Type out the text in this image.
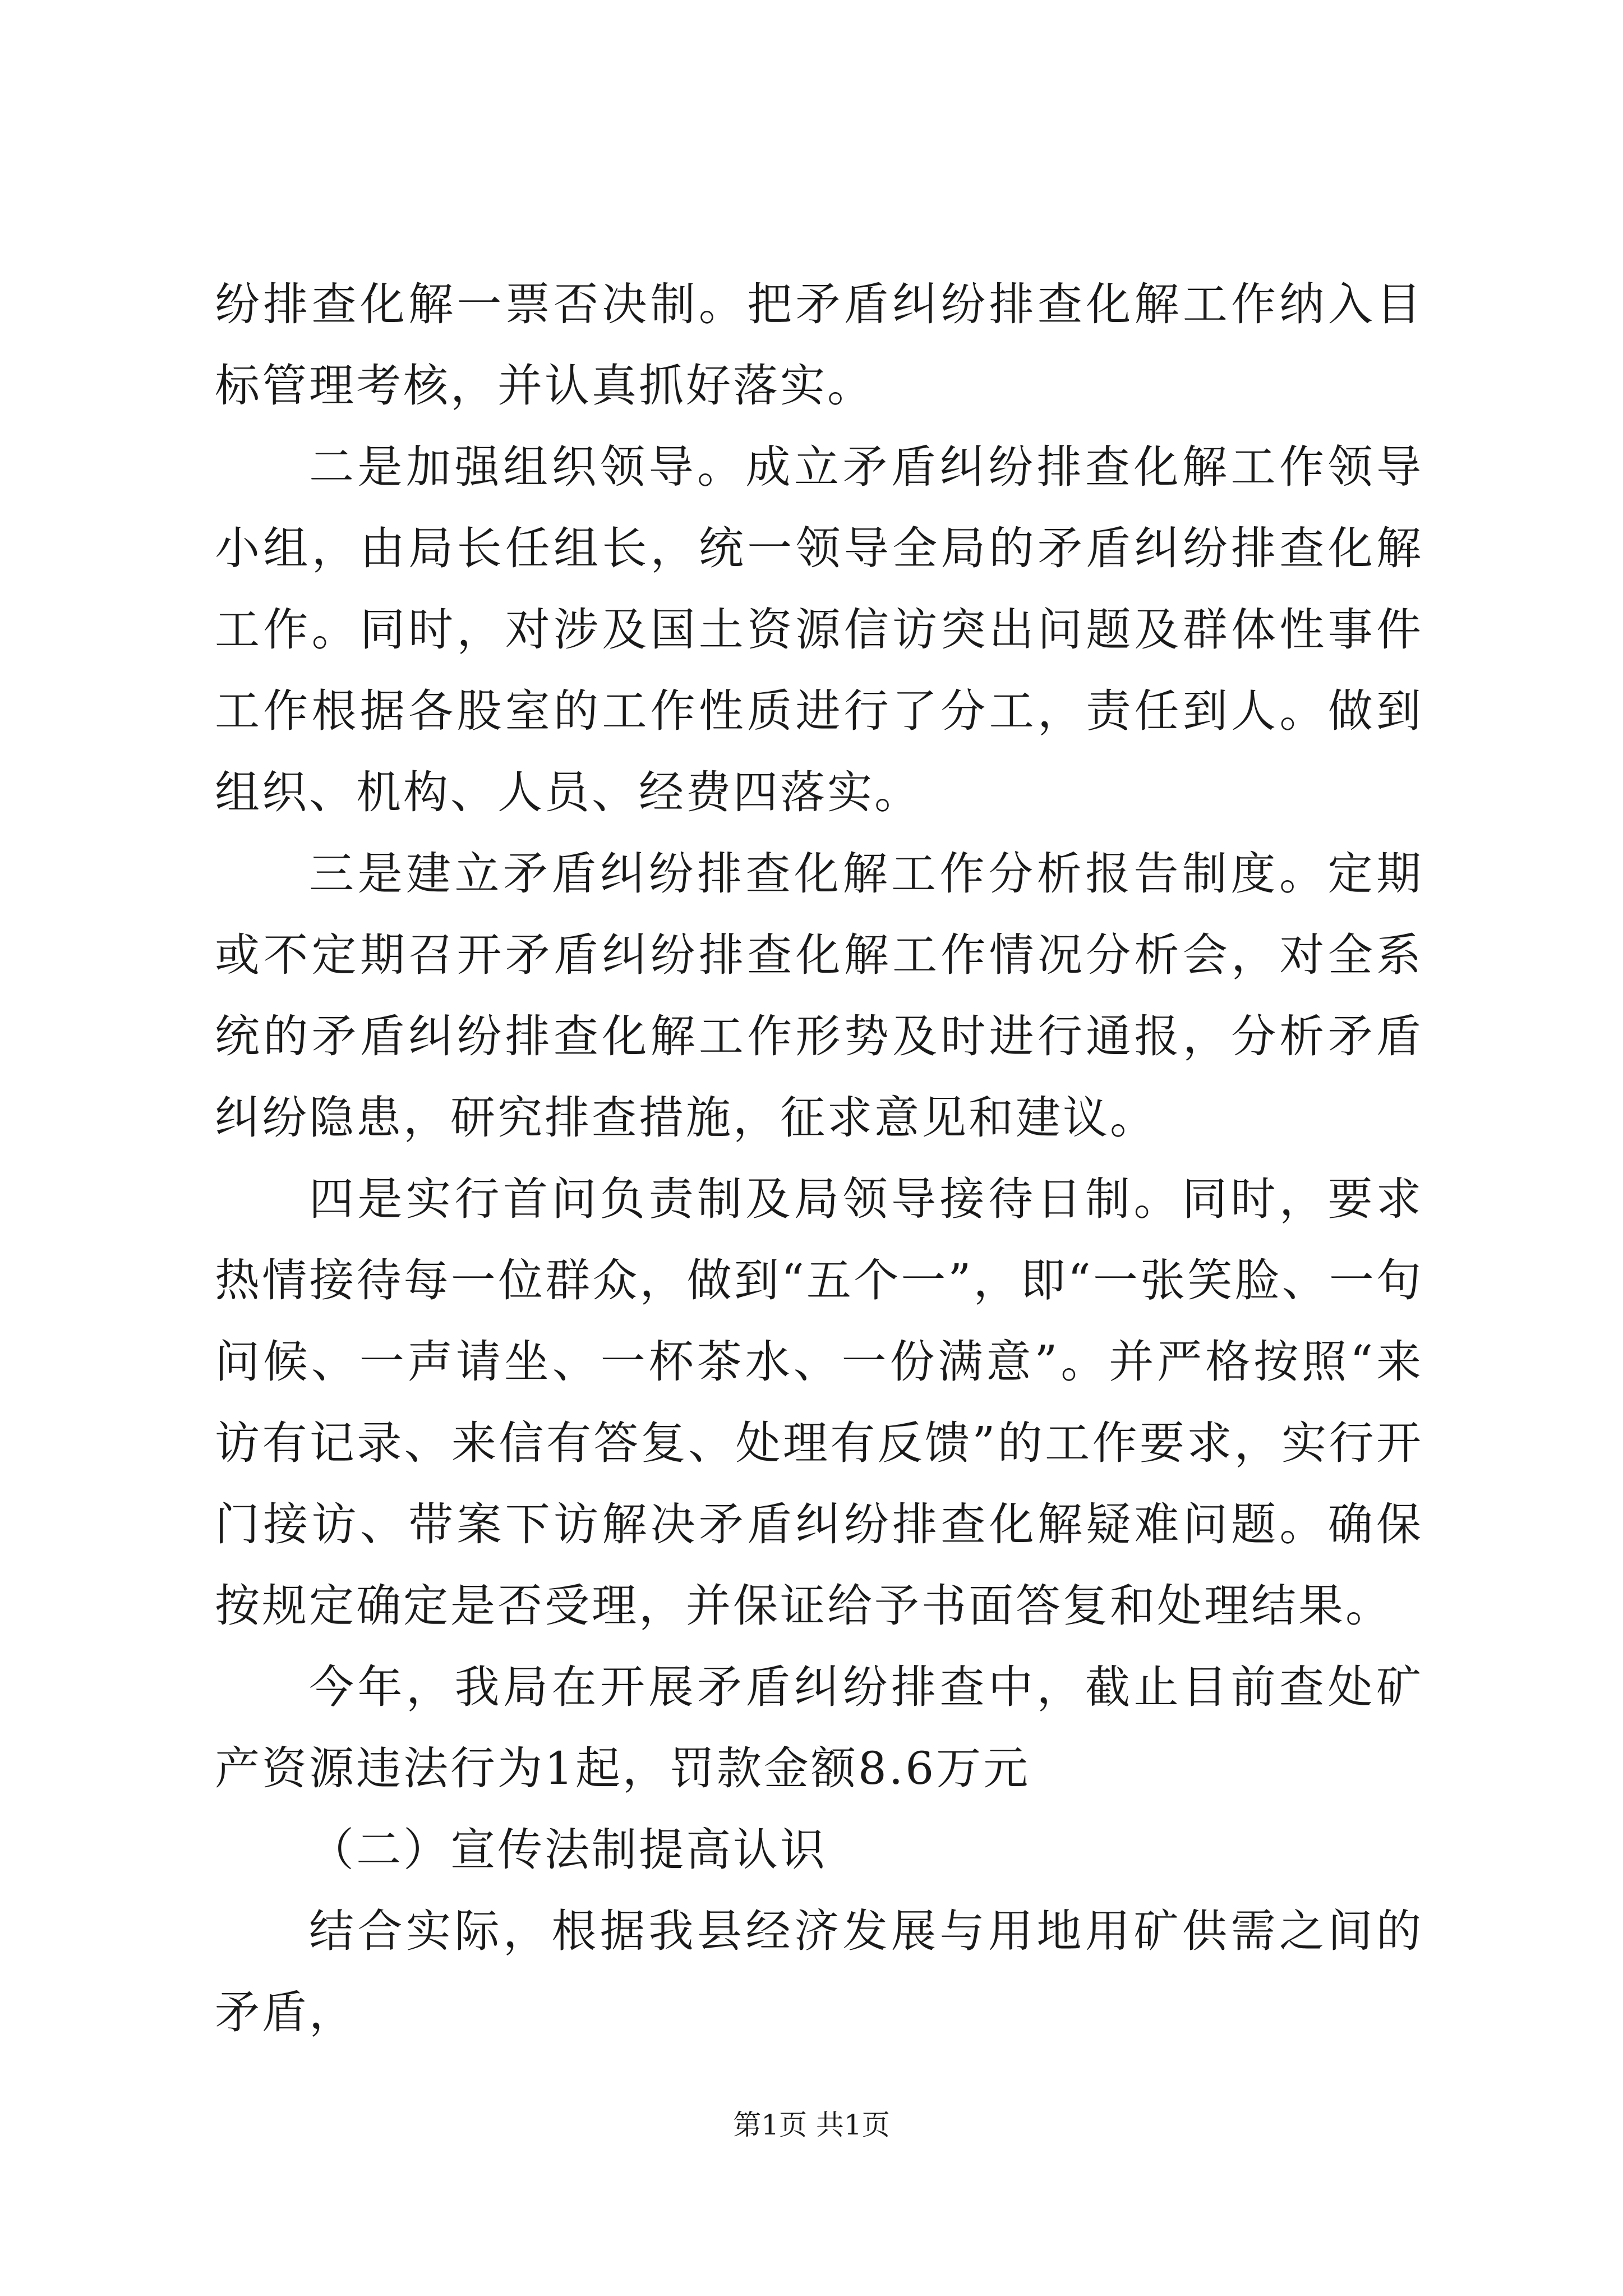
纷排查化解一票否决制。把矛盾纠纷排查化解工作纳入目标管理考核，并认真抓好落实。

二是加强组织领导。成立矛盾纠纷排查化解工作领导小组，由局长任组长，统一领导全局的矛盾纠纷排查化解工作。同时，对涉及国土资源信访突出问题及群体性事件工作根据各股室的工作性质进行了分工，责任到人。做到组织、机构、人员、经费四落实。

三是建立矛盾纠纷排查化解工作分析报告制度。定期或不定期召开矛盾纠纷排查化解工作情况分析会，对全系统的矛盾纠纷排查化解工作形势及时进行通报，分析矛盾纠纷隐患，研究排查措施，征求意见和建议。

四是实行首问负责制及局领导接待日制。同时，要求热情接待每一位群众，做到“五个一”，即“一张笑脸、一句问候、一声请坐、一杯茶水、一份满意”。并严格按照“来访有记录、来信有答复、处理有反馈”的工作要求，实行开门接访、带案下访解决矛盾纠纷排查化解疑难问题。确保按规定确定是否受理，并保证给予书面答复和处理结果。

今年，我局在开展矛盾纠纷排查中，截止目前查处矿产资源违法行为1起，罚款金额8.6万元

（二）宣传法制提高认识

结合实际，根据我县经济发展与用地用矿供需之间的矛盾，

第1页 共1页
